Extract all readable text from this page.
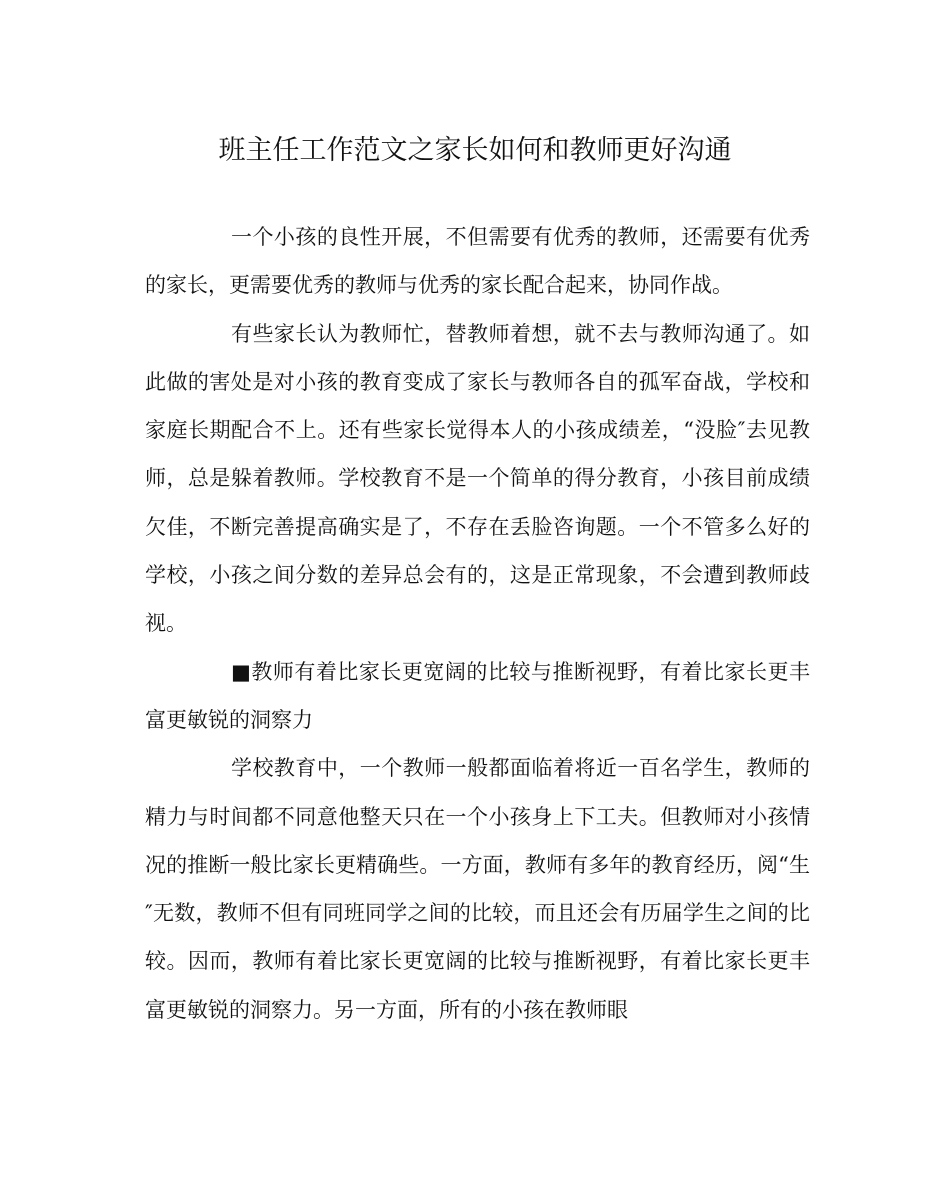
班主任工作范文之家长如何和教师更好沟通

一个小孩的良性开展，不但需要有优秀的教师，还需要有优秀的家长，更需要优秀的教师与优秀的家长配合起来，协同作战。

有些家长认为教师忙，替教师着想，就不去与教师沟通了。如此做的害处是对小孩的教育变成了家长与教师各自的孤军奋战，学校和家庭长期配合不上。还有些家长觉得本人的小孩成绩差，“没脸″去见教师，总是躲着教师。学校教育不是一个简单的得分教育，小孩目前成绩欠佳，不断完善提高确实是了，不存在丢脸咨询题。一个不管多么好的学校，小孩之间分数的差异总会有的，这是正常现象，不会遭到教师歧视。

■教师有着比家长更宽阔的比较与推断视野，有着比家长更丰富更敏锐的洞察力

学校教育中，一个教师一般都面临着将近一百名学生，教师的精力与时间都不同意他整天只在一个小孩身上下工夫。但教师对小孩情况的推断一般比家长更精确些。一方面，教师有多年的教育经历，阅“生″无数，教师不但有同班同学之间的比较，而且还会有历届学生之间的比较。因而，教师有着比家长更宽阔的比较与推断视野，有着比家长更丰富更敏锐的洞察力。另一方面，所有的小孩在教师眼
